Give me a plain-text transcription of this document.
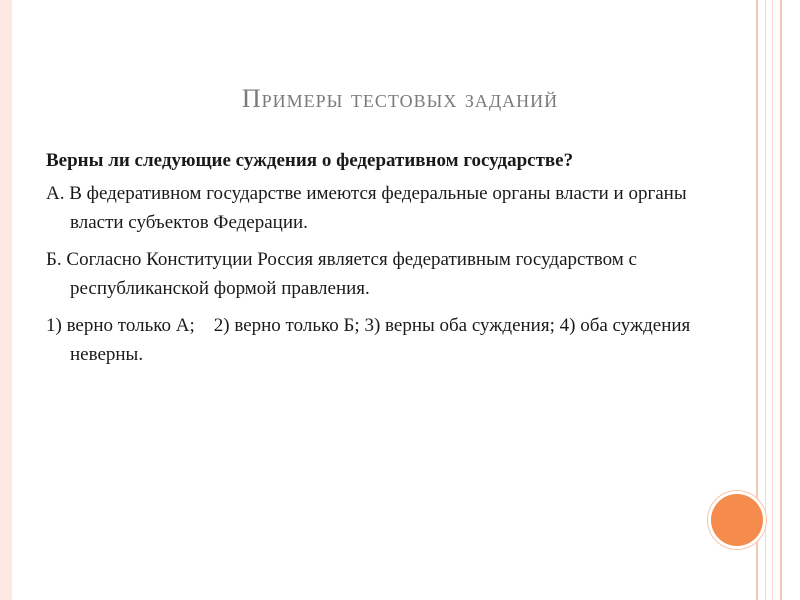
Примеры тестовых заданий

Верны ли следующие суждения о федеративном государстве?

А. В федеративном государстве имеются федеральные органы власти и органы власти субъектов Федерации.

Б. Согласно Конституции Россия является федеративным государством с республиканской формой правления.

1) верно только А;    2) верно только Б; 3) верны оба суждения; 4) оба суждения неверны.
